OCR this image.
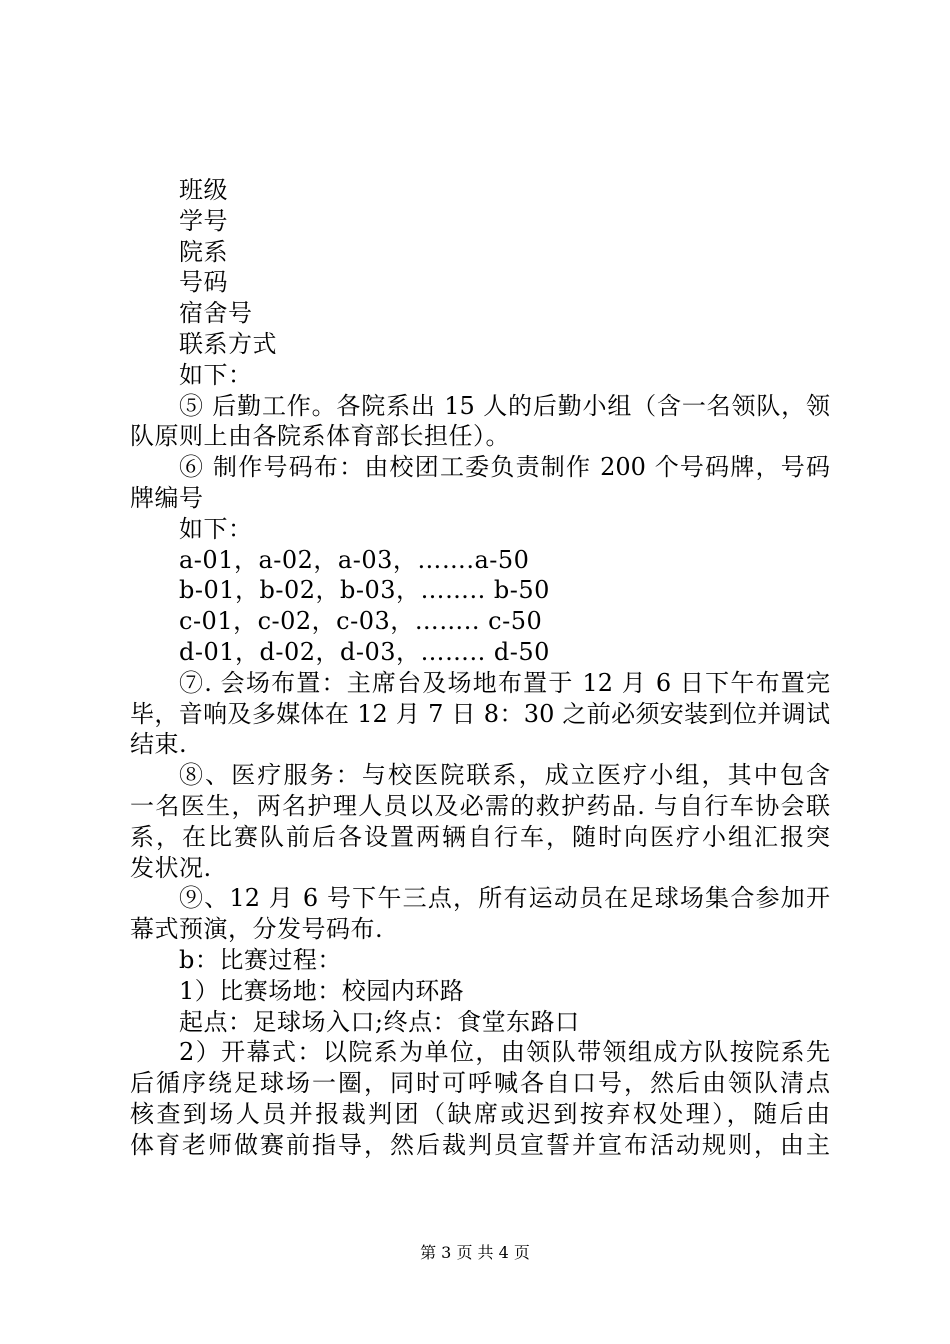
班级
学号
院系
号码
宿舍号
联系方式
如下：
⑤ 后勤工作。各院系出 15 人的后勤小组（含一名领队，领
队原则上由各院系体育部长担任）。
⑥ 制作号码布：由校团工委负责制作 200 个号码牌，号码
牌编号
如下：
a-01，a-02，a-03，…….a-50
b-01，b-02，b-03，…….. b-50
c-01，c-02，c-03，…….. c-50
d-01，d-02，d-03，…….. d-50
⑦. 会场布置：主席台及场地布置于 12 月 6 日下午布置完
毕，音响及多媒体在 12 月 7 日 8：30 之前必须安装到位并调试
结束.
⑧、医疗服务：与校医院联系，成立医疗小组，其中包含
一名医生，两名护理人员以及必需的救护药品. 与自行车协会联
系，在比赛队前后各设置两辆自行车，随时向医疗小组汇报突
发状况.
⑨、12 月 6 号下午三点，所有运动员在足球场集合参加开
幕式预演，分发号码布.
b：比赛过程：
1）比赛场地：校园内环路
起点：足球场入口;终点：食堂东路口
2）开幕式：以院系为单位，由领队带领组成方队按院系先
后循序绕足球场一圈，同时可呼喊各自口号，然后由领队清点
核查到场人员并报裁判团（缺席或迟到按弃权处理），随后由
体育老师做赛前指导，然后裁判员宣誓并宣布活动规则，由主
第 3 页 共 4 页
